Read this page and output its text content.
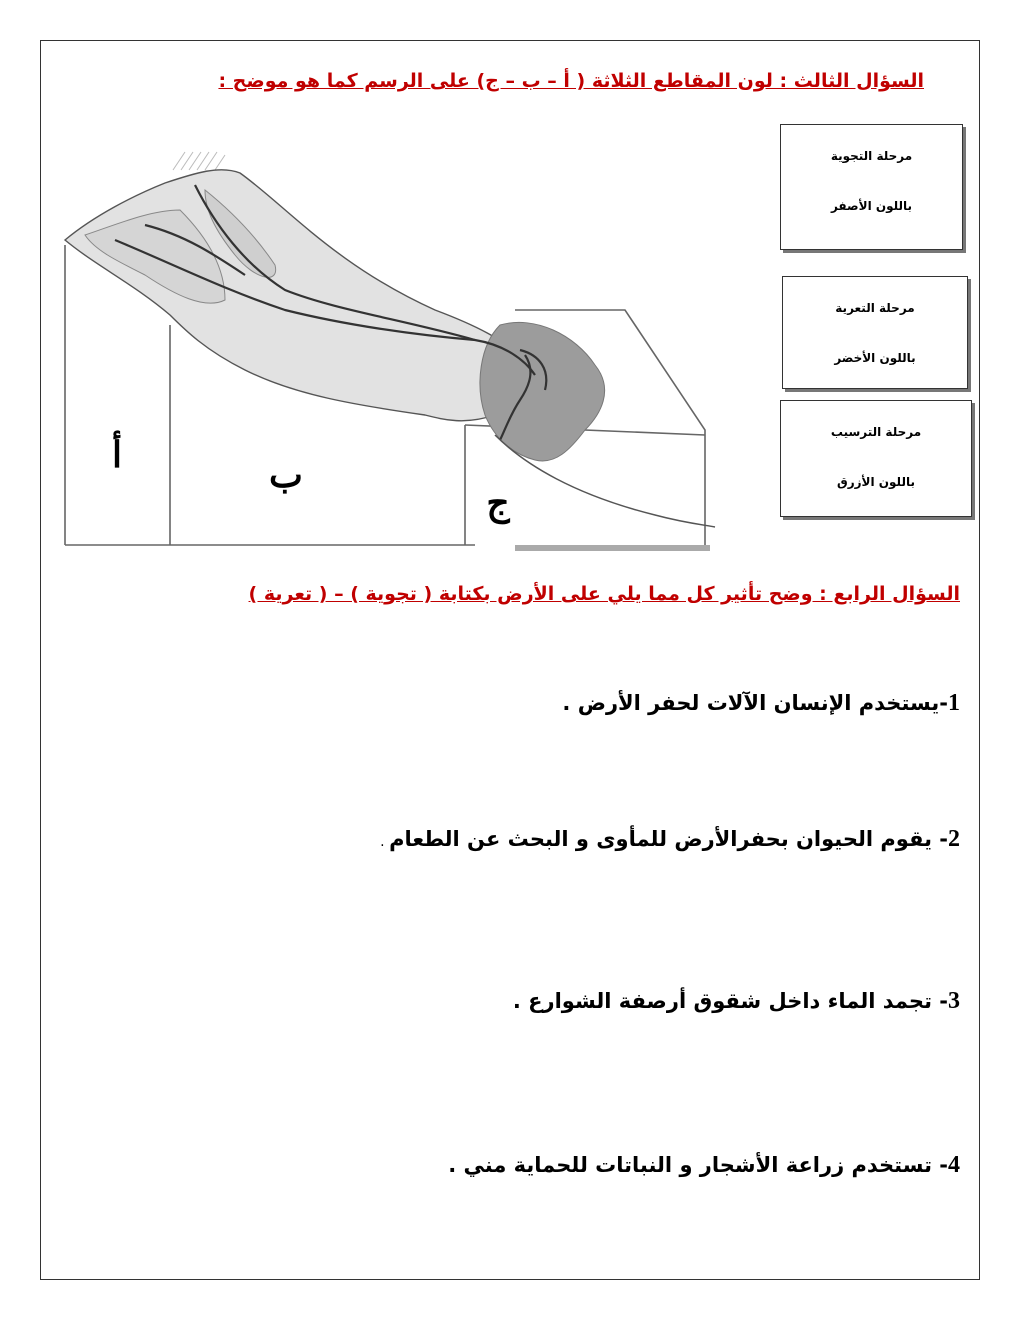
السؤال الثالث : لون المقاطع الثلاثة ( أ – ب – ج) على الرسم كما هو موضح :
أ	ب
ج
مرحلة التجوية
باللون الأصفر
مرحلة التعرية
باللون الأخضر
مرحلة الترسيب
باللون الأزرق
السؤال الرابع : وضح تأثير كل مما يلي على الأرض بكتابة ( تجوية ) – ( تعرية )
1-يستخدم الإنسان الآلات لحفر الأرض .
2- يقوم الحيوان بحفرالأرض للمأوى و البحث عن الطعام .
3- تجمد الماء داخل شقوق أرصفة الشوارع .
4- تستخدم زراعة الأشجار و النباتات للحماية مني .
